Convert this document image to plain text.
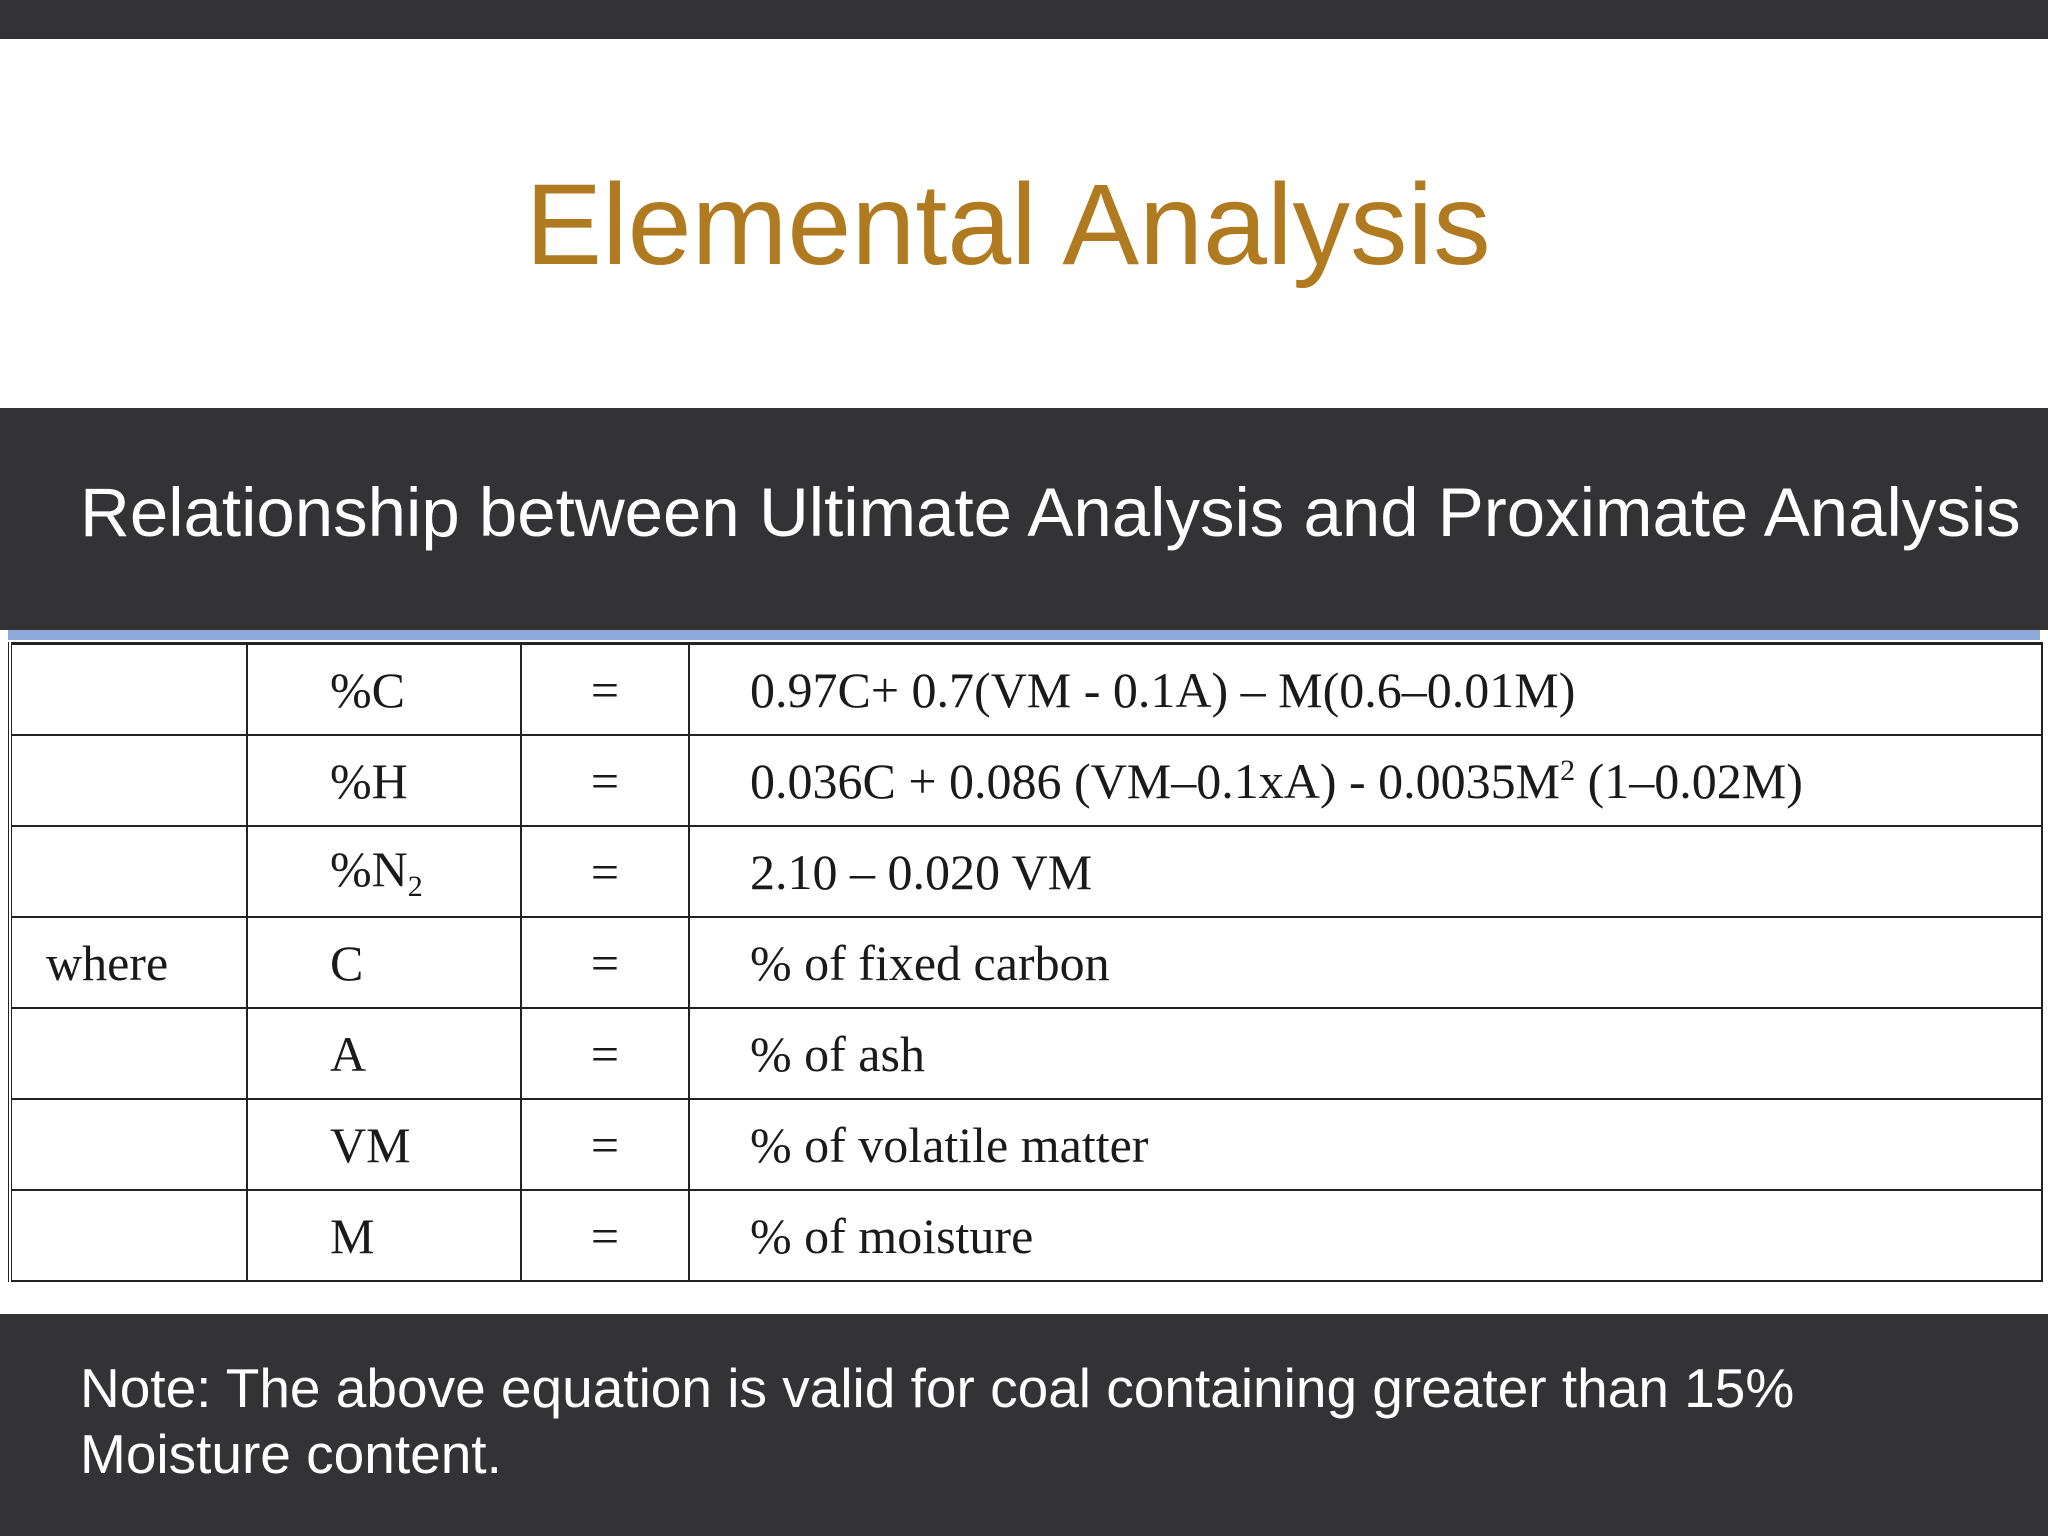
Elemental Analysis
Relationship between Ultimate Analysis and Proximate Analysis
	%C	=	0.97C+ 0.7(VM - 0.1A) – M(0.6–0.01M)
	%H	=	0.036C + 0.086 $(VM-0.1xA) - 0.0035M^2$ (1–0.02M)
	$\%N_2$	=	2.10 – 0.020 VM
where	C	=	% of fixed carbon
	A	=	% of ash
	VM	=	% of volatile matter
	M	=	% of moisture
Note: The above equation is valid for coal containing greater than 15%
Moisture content.
